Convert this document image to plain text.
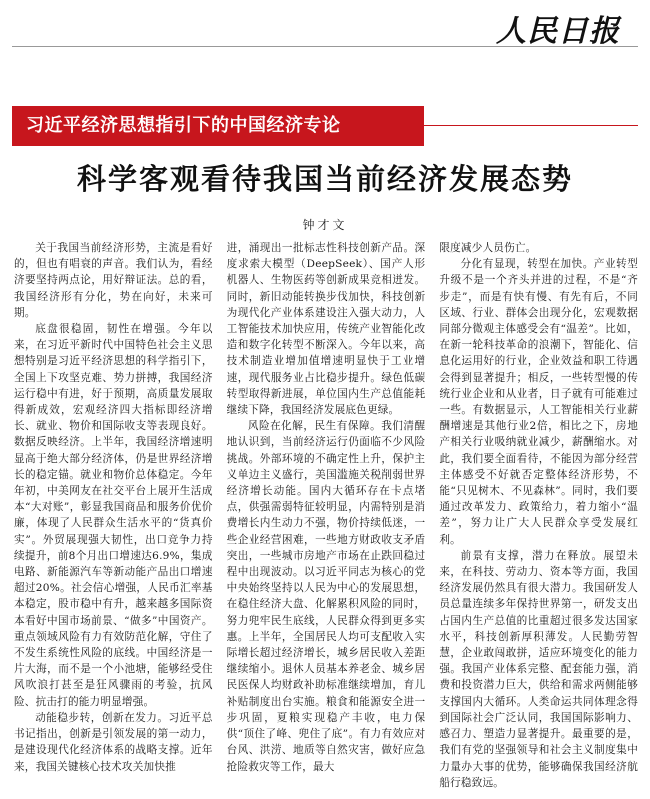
人民日报
习近平经济思想指引下的中国经济专论
科学客观看待我国当前经济发展态势
钟才文

关于我国当前经济形势，主流是看好的，但也有唱衰的声音。我们认为，看经济要坚持两点论，用好辩证法。总的看，我国经济形有分化，势在向好，未来可期。

底盘很稳固，韧性在增强。今年以来，在习近平新时代中国特色社会主义思想特别是习近平经济思想的科学指引下，全国上下攻坚克难、势力拼搏，我国经济运行稳中有进，好于预期，高质量发展取得新成效，宏观经济四大指标即经济增长、就业、物价和国际收支等表现良好。数据反映经济。上半年，我国经济增速明显高于绝大部分经济体，仍是世界经济增长的稳定锚。就业和物价总体稳定。今年年初，中美网友在社交平台上展开生活成本“大对账”，彰显我国商品和服务价优价廉，体现了人民群众生活水平的“货真价实”。外贸展现强大韧性，出口竞争力持续提升，前8个月出口增速达6.9%，集成电路、新能源汽车等新动能产品出口增速超过20%。社会信心增强，人民币汇率基本稳定，股市稳中有升，越来越多国际资本看好中国市场前景、“做多”中国资产。重点领域风险有力有效防范化解，守住了不发生系统性风险的底线。中国经济是一片大海，而不是一个小池塘，能够经受住风吹浪打甚至是狂风骤雨的考验，抗风险、抗击打的能力明显增强。

动能稳步转，创新在发力。习近平总书记指出，创新是引领发展的第一动力，是建设现代化经济体系的战略支撑。近年来，我国关键核心技术攻关加快推

进，涌现出一批标志性科技创新产品。深度求索大模型（DeepSeek）、国产人形机器人、生物医药等创新成果竞相迸发。同时，新旧动能转换步伐加快，科技创新为现代化产业体系建设注入强大动力，人工智能技术加快应用，传统产业智能化改造和数字化转型不断深入。今年以来，高技术制造业增加值增速明显快于工业增速，现代服务业占比稳步提升。绿色低碳转型取得新进展，单位国内生产总值能耗继续下降，我国经济发展底色更绿。

风险在化解，民生有保障。我们清醒地认识到，当前经济运行仍面临不少风险挑战。外部环境的不确定性上升，保护主义单边主义盛行，美国滥施关税削弱世界经济增长动能。国内大循环存在卡点堵点，供强需弱特征较明显，内需特别是消费增长内生动力不强，物价持续低迷，一些企业经营困难，一些地方财政收支矛盾突出，一些城市房地产市场在止跌回稳过程中出现波动。以习近平同志为核心的党中央始终坚持以人民为中心的发展思想，在稳住经济大盘、化解累积风险的同时，努力兜牢民生底线，人民群众得到更多实惠。上半年，全国居民人均可支配收入实际增长超过经济增长，城乡居民收入差距继续缩小。退休人员基本养老金、城乡居民医保人均财政补助标准继续增加，育儿补贴制度出台实施。粮食和能源安全进一步巩固，夏粮实现稳产丰收，电力保供“顶住了峰、兜住了底”。有力有效应对台风、洪涝、地质等自然灾害，做好应急抢险救灾等工作，最大

限度减少人员伤亡。

分化有显现，转型在加快。产业转型升级不是一个齐头并进的过程，不是“齐步走”，而是有快有慢、有先有后，不同区域、行业、群体会出现分化，宏观数据同部分微观主体感受会有“温差”。比如，在新一轮科技革命的浪潮下，智能化、信息化运用好的行业，企业效益和职工待遇会得到显著提升；相反，一些转型慢的传统行业企业和从业者，日子就有可能难过一些。有数据显示，人工智能相关行业薪酬增速是其他行业2倍，相比之下，房地产相关行业吸纳就业减少，薪酬缩水。对此，我们要全面看待，不能因为部分经营主体感受不好就否定整体经济形势，不能“只见树木、不见森林”。同时，我们要通过改革发力、政策给力，着力缩小“温差”，努力让广大人民群众享受发展红利。

前景有支撑，潜力在释放。展望未来，在科技、劳动力、资本等方面，我国经济发展仍然具有很大潜力。我国研发人员总量连续多年保持世界第一，研发支出占国内生产总值的比重超过很多发达国家水平，科技创新厚积薄发。人民勤劳智慧，企业敢闯敢拼，适应环境变化的能力强。我国产业体系完整、配套能力强，消费和投资潜力巨大，供给和需求两侧能够支撑国内大循环。人类命运共同体理念得到国际社会广泛认同，我国国际影响力、感召力、塑造力显著提升。最重要的是，我们有党的坚强领导和社会主义制度集中力量办大事的优势，能够确保我国经济航船行稳致远。
